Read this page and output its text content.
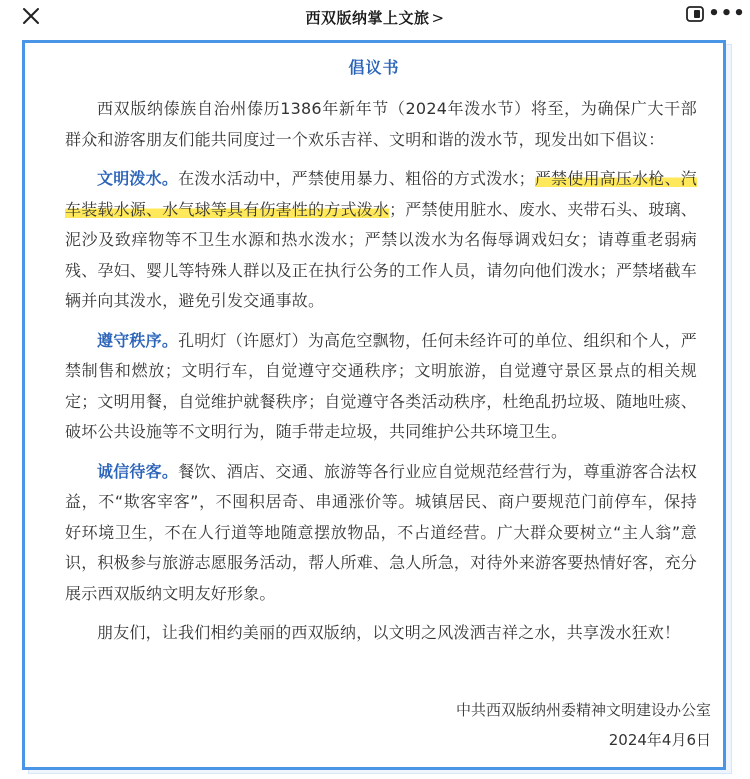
西双版纳掌上文旅 >	•••
倡议书

西双版纳傣族自治州傣历1386年新年节（2024年泼水节）将至，为确保广大干部群众和游客朋友们能共同度过一个欢乐吉祥、文明和谐的泼水节，现发出如下倡议：

文明泼水。在泼水活动中，严禁使用暴力、粗俗的方式泼水；严禁使用高压水枪、汽车装载水源、水气球等具有伤害性的方式泼水；严禁使用脏水、废水、夹带石头、玻璃、泥沙及致痒物等不卫生水源和热水泼水；严禁以泼水为名侮辱调戏妇女；请尊重老弱病残、孕妇、婴儿等特殊人群以及正在执行公务的工作人员，请勿向他们泼水；严禁堵截车辆并向其泼水，避免引发交通事故。

遵守秩序。孔明灯（许愿灯）为高危空飘物，任何未经许可的单位、组织和个人，严禁制售和燃放；文明行车，自觉遵守交通秩序；文明旅游，自觉遵守景区景点的相关规定；文明用餐，自觉维护就餐秩序；自觉遵守各类活动秩序，杜绝乱扔垃圾、随地吐痰、破坏公共设施等不文明行为，随手带走垃圾，共同维护公共环境卫生。

诚信待客。餐饮、酒店、交通、旅游等各行业应自觉规范经营行为，尊重游客合法权益，不“欺客宰客”，不囤积居奇、串通涨价等。城镇居民、商户要规范门前停车，保持好环境卫生，不在人行道等地随意摆放物品，不占道经营。广大群众要树立“主人翁”意识，积极参与旅游志愿服务活动，帮人所难、急人所急，对待外来游客要热情好客，充分展示西双版纳文明友好形象。

朋友们，让我们相约美丽的西双版纳，以文明之风泼洒吉祥之水，共享泼水狂欢！

中共西双版纳州委精神文明建设办公室
2024年4月6日
